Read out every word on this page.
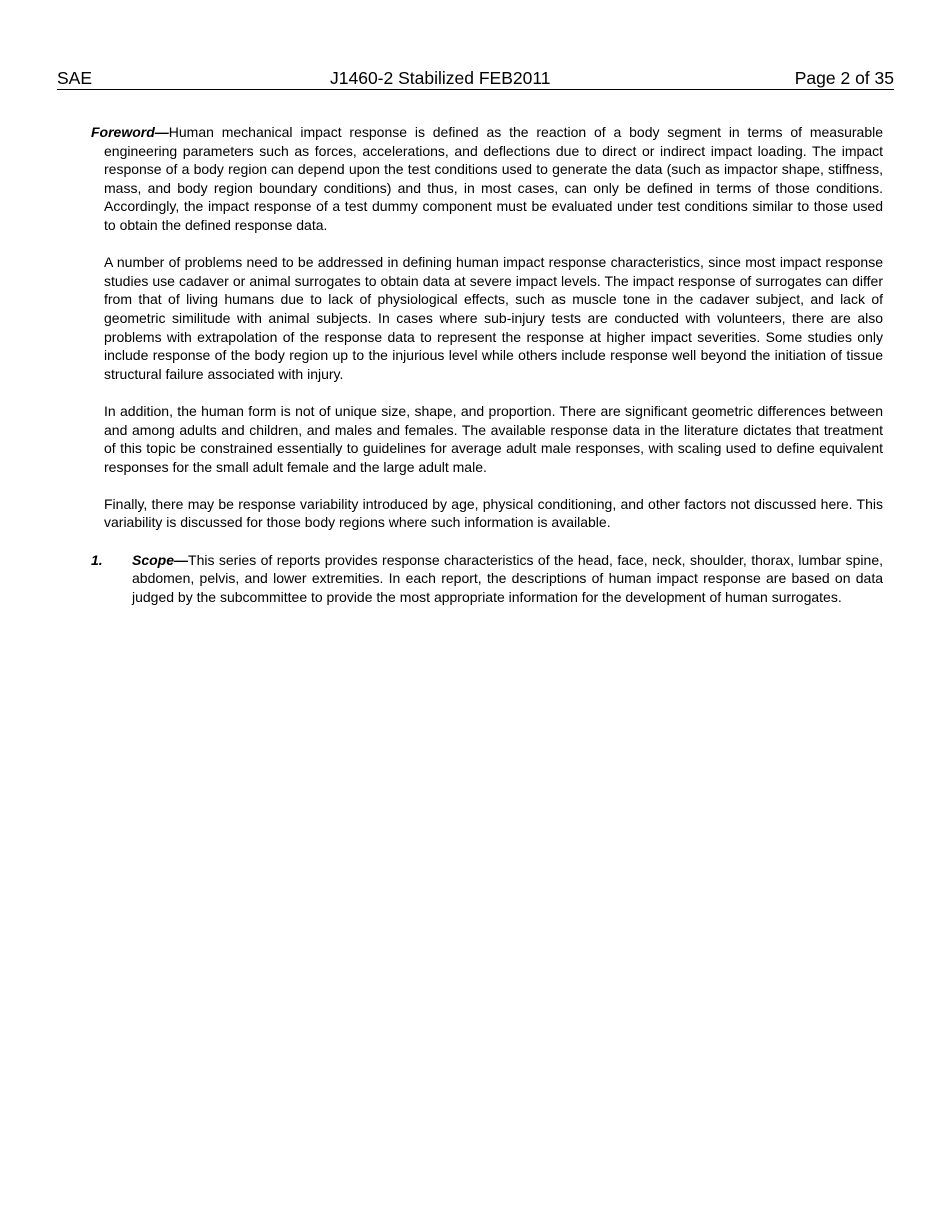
SAE	J1460-2 Stabilized FEB2011	Page 2 of 35

Foreword—Human mechanical impact response is defined as the reaction of a body segment in terms of measurable engineering parameters such as forces, accelerations, and deflections due to direct or indirect impact loading. The impact response of a body region can depend upon the test conditions used to generate the data (such as impactor shape, stiffness, mass, and body region boundary conditions) and thus, in most cases, can only be defined in terms of those conditions. Accordingly, the impact response of a test dummy component must be evaluated under test conditions similar to those used to obtain the defined response data.

A number of problems need to be addressed in defining human impact response characteristics, since most impact response studies use cadaver or animal surrogates to obtain data at severe impact levels. The impact response of surrogates can differ from that of living humans due to lack of physiological effects, such as muscle tone in the cadaver subject, and lack of geometric similitude with animal subjects. In cases where sub-injury tests are conducted with volunteers, there are also problems with extrapolation of the response data to represent the response at higher impact severities. Some studies only include response of the body region up to the injurious level while others include response well beyond the initiation of tissue structural failure associated with injury.

In addition, the human form is not of unique size, shape, and proportion. There are significant geometric differences between and among adults and children, and males and females. The available response data in the literature dictates that treatment of this topic be constrained essentially to guidelines for average adult male responses, with scaling used to define equivalent responses for the small adult female and the large adult male.

Finally, there may be response variability introduced by age, physical conditioning, and other factors not discussed here. This variability is discussed for those body regions where such information is available.

1. Scope—This series of reports provides response characteristics of the head, face, neck, shoulder, thorax, lumbar spine, abdomen, pelvis, and lower extremities. In each report, the descriptions of human impact response are based on data judged by the subcommittee to provide the most appropriate information for the development of human surrogates.
